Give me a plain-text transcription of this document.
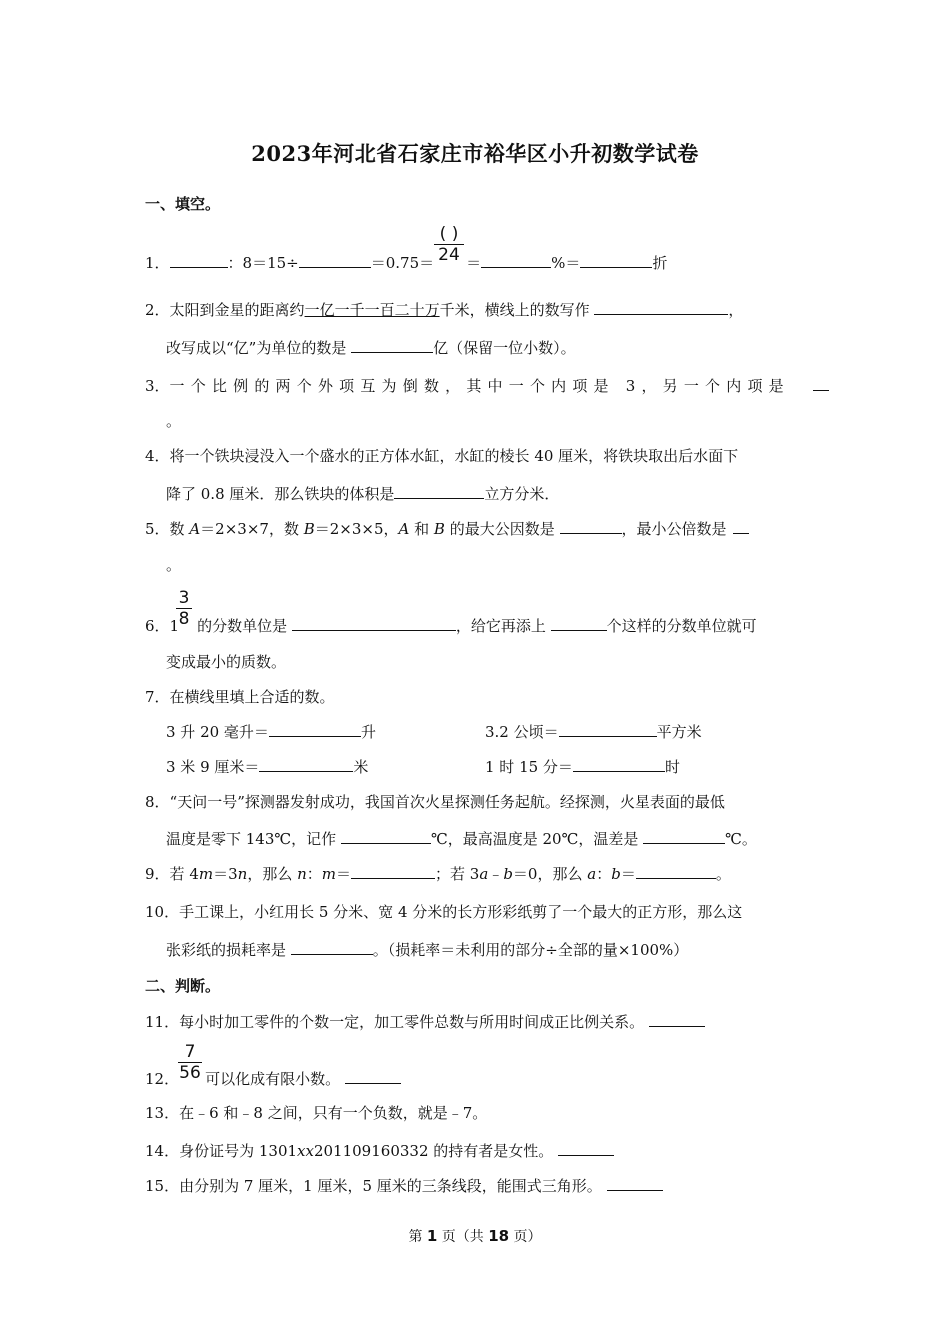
2023年河北省石家庄市裕华区小升初数学试卷
一、填空。
( )
24
1．	：8＝15÷	＝0.75＝ ＝	%＝	折
2．太阳到金星的距离约一亿一千一百二十万千米，横线上的数写作	，
改写成以“亿”为单位的数是	亿（保留一位小数）。
3．一个比例的两个外项互为倒数，其中一个内项是 3，另一个内项是
。
4．将一个铁块浸没入一个盛水的正方体水缸，水缸的棱长 40 厘米，将铁块取出后水面下
降了 0.8 厘米．那么铁块的体积是	立方分米．
5．数 A＝2×3×7，数 B＝2×3×5，A 和 B 的最大公因数是	，最小公倍数是
。
3
8
6．1 的分数单位是	，给它再添上	个这样的分数单位就可
变成最小的质数。
7．在横线里填上合适的数。
3 升 20 毫升＝	升	3.2 公顷＝	平方米
3 米 9 厘米＝	米	1 时 15 分＝	时
8．“天问一号”探测器发射成功，我国首次火星探测任务起航。经探测，火星表面的最低
温度是零下 143℃，记作	℃，最高温度是 20℃，温差是	℃。
9．若 4m＝3n，那么 n：m＝	；若 3a﹣b＝0，那么 a：b＝	。
10．手工课上，小红用长 5 分米、宽 4 分米的长方形彩纸剪了一个最大的正方形，那么这
张彩纸的损耗率是	。（损耗率＝未利用的部分÷全部的量×100%）
二、判断。
11．每小时加工零件的个数一定，加工零件总数与所用时间成正比例关系。
7
56
12． 可以化成有限小数。
13．在﹣6 和﹣8 之间，只有一个负数，就是﹣7。
14．身份证号为 1301xx201109160332 的持有者是女性。
15．由分别为 7 厘米，1 厘米，5 厘米的三条线段，能围式三角形。
第 1 页（共 18 页）
